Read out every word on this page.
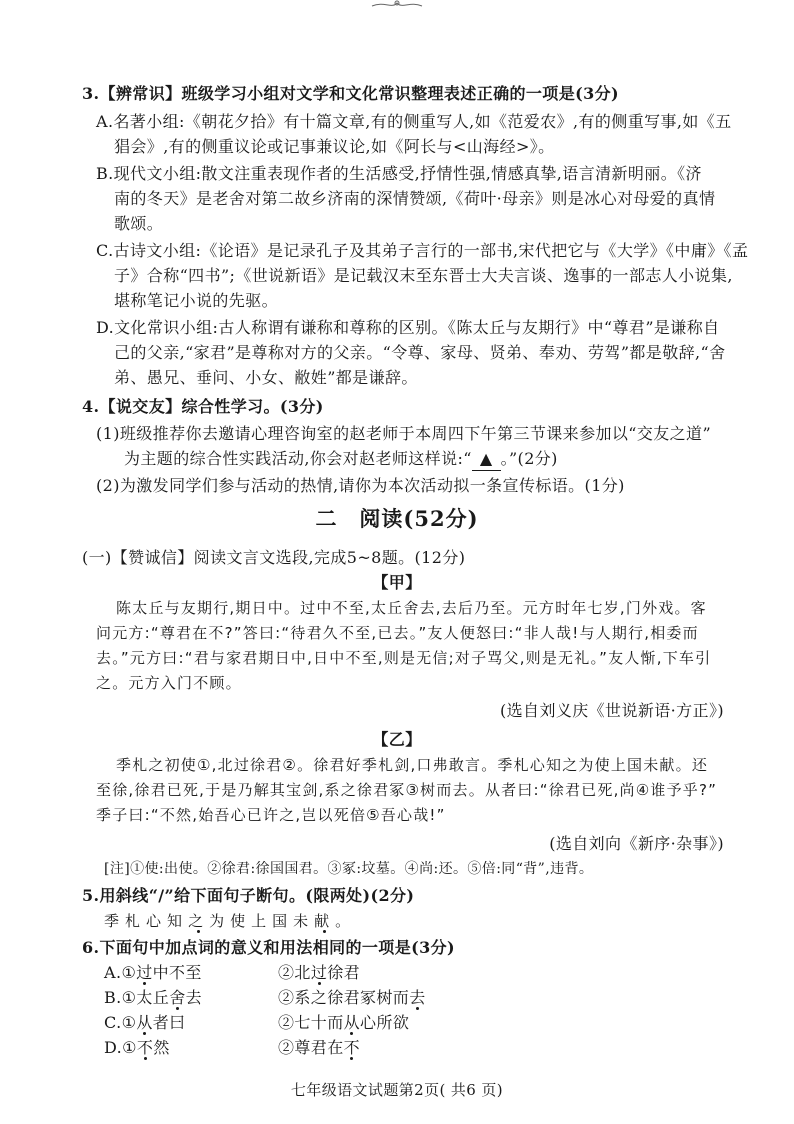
3.【辨常识】班级学习小组对文学和文化常识整理表述正确的一项是(3分)
A.名著小组:《朝花夕拾》有十篇文章,有的侧重写人,如《范爱农》,有的侧重写事,如《五
猖会》,有的侧重议论或记事兼议论,如《阿长与<山海经>》。
B.现代文小组:散文注重表现作者的生活感受,抒情性强,情感真挚,语言清新明丽。《济
南的冬天》是老舍对第二故乡济南的深情赞颂,《荷叶·母亲》则是冰心对母爱的真情
歌颂。
C.古诗文小组:《论语》是记录孔子及其弟子言行的一部书,宋代把它与《大学》《中庸》《孟
子》合称“四书”;《世说新语》是记载汉末至东晋士大夫言谈、逸事的一部志人小说集,
堪称笔记小说的先驱。
D.文化常识小组:古人称谓有谦称和尊称的区别。《陈太丘与友期行》中“尊君”是谦称自
己的父亲,“家君”是尊称对方的父亲。“令尊、家母、贤弟、奉劝、劳驾”都是敬辞,“舍
弟、愚兄、垂问、小女、敝姓”都是谦辞。
4.【说交友】综合性学习。(3分)
(1)班级推荐你去邀请心理咨询室的赵老师于本周四下午第三节课来参加以“交友之道”
为主题的综合性实践活动,你会对赵老师这样说:“ ▲ 。”(2分)
(2)为激发同学们参与活动的热情,请你为本次活动拟一条宣传标语。(1分)
二　阅读(52分)
(一)【赞诚信】阅读文言文选段,完成5~8题。(12分)
【甲】
陈太丘与友期行,期日中。过中不至,太丘舍去,去后乃至。元方时年七岁,门外戏。客
问元方:“尊君在不?”答曰:“待君久不至,已去。”友人便怒曰:“非人哉!与人期行,相委而
去。”元方曰:“君与家君期日中,日中不至,则是无信;对子骂父,则是无礼。”友人惭,下车引
之。元方入门不顾。
(选自刘义庆《世说新语·方正》)
【乙】
季札之初使①,北过徐君②。徐君好季札剑,口弗敢言。季札心知之为使上国未献。还
至徐,徐君已死,于是乃解其宝剑,系之徐君冢③树而去。从者曰:“徐君已死,尚④谁予乎?”
季子曰:“不然,始吾心已许之,岂以死倍⑤吾心哉!”
(选自刘向《新序·杂事》)
[注]①使:出使。②徐君:徐国国君。③冢:坟墓。④尚:还。⑤倍:同“背”,违背。
5.用斜线“/”给下面句子断句。(限两处)(2分)
季札心知之为使上国未献。
6.下面句中加点词的意义和用法相同的一项是(3分)
A.①过中不至	②北过徐君
B.①太丘舍去	②系之徐君冢树而去
C.①从者曰	②七十而从心所欲
D.①不然	②尊君在不
七年级语文试题第2页( 共6 页)
